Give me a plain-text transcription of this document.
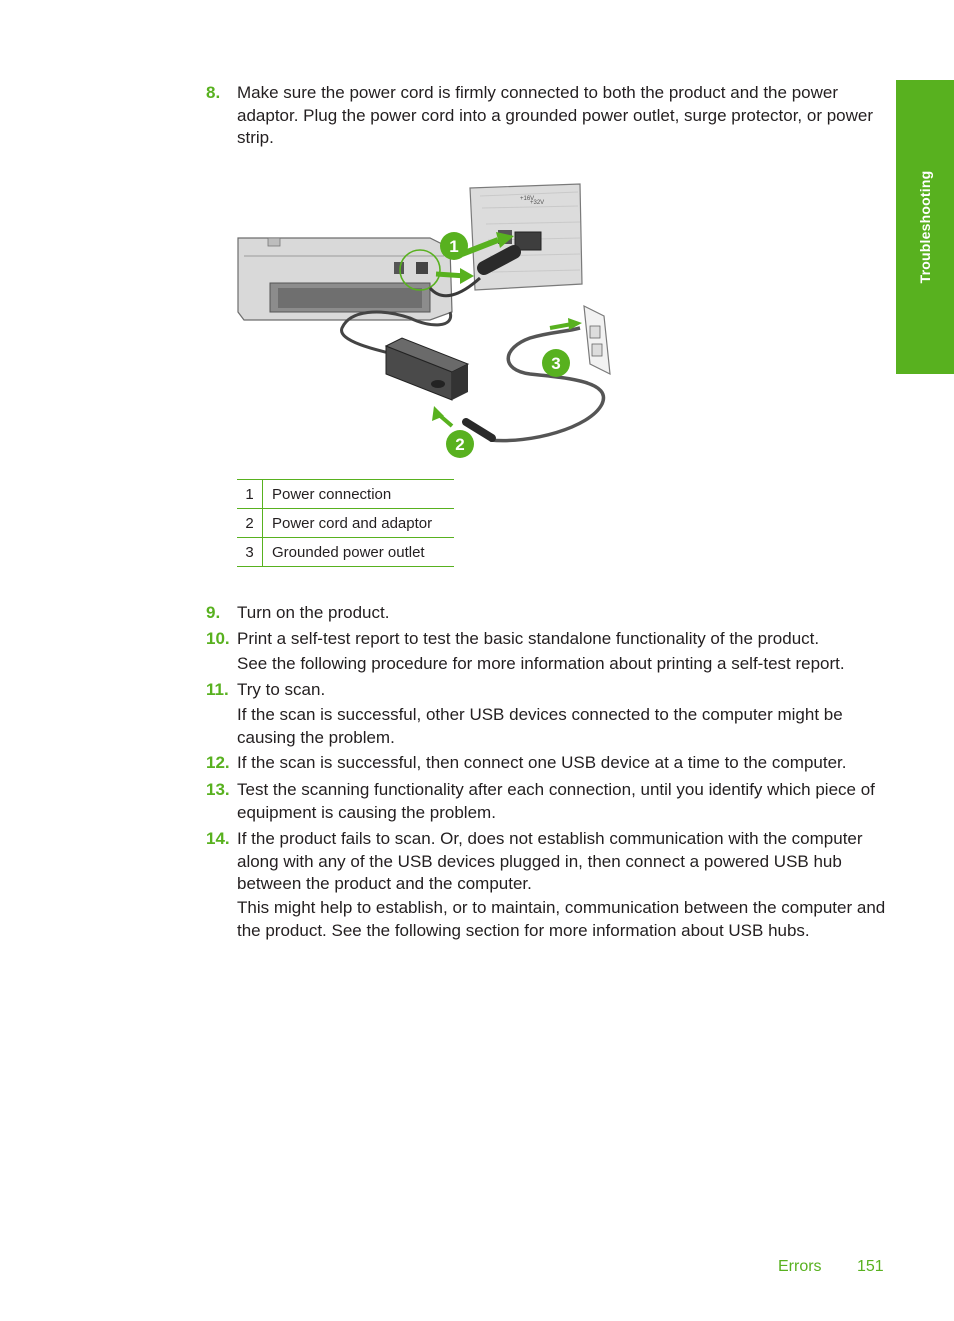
Troubleshooting
8. Make sure the power cord is firmly connected to both the product and the power adaptor. Plug the power cord into a grounded power outlet, surge protector, or power strip.
+16V
+32V
1
2
3
1	Power connection
2	Power cord and adaptor
3	Grounded power outlet
9. Turn on the product.
10. Print a self-test report to test the basic standalone functionality of the product.
See the following procedure for more information about printing a self-test report.
11. Try to scan.
If the scan is successful, other USB devices connected to the computer might be causing the problem.
12. If the scan is successful, then connect one USB device at a time to the computer.
13. Test the scanning functionality after each connection, until you identify which piece of equipment is causing the problem.
14. If the product fails to scan. Or, does not establish communication with the computer along with any of the USB devices plugged in, then connect a powered USB hub between the product and the computer.
This might help to establish, or to maintain, communication between the computer and the product. See the following section for more information about USB hubs.
Errors 151
